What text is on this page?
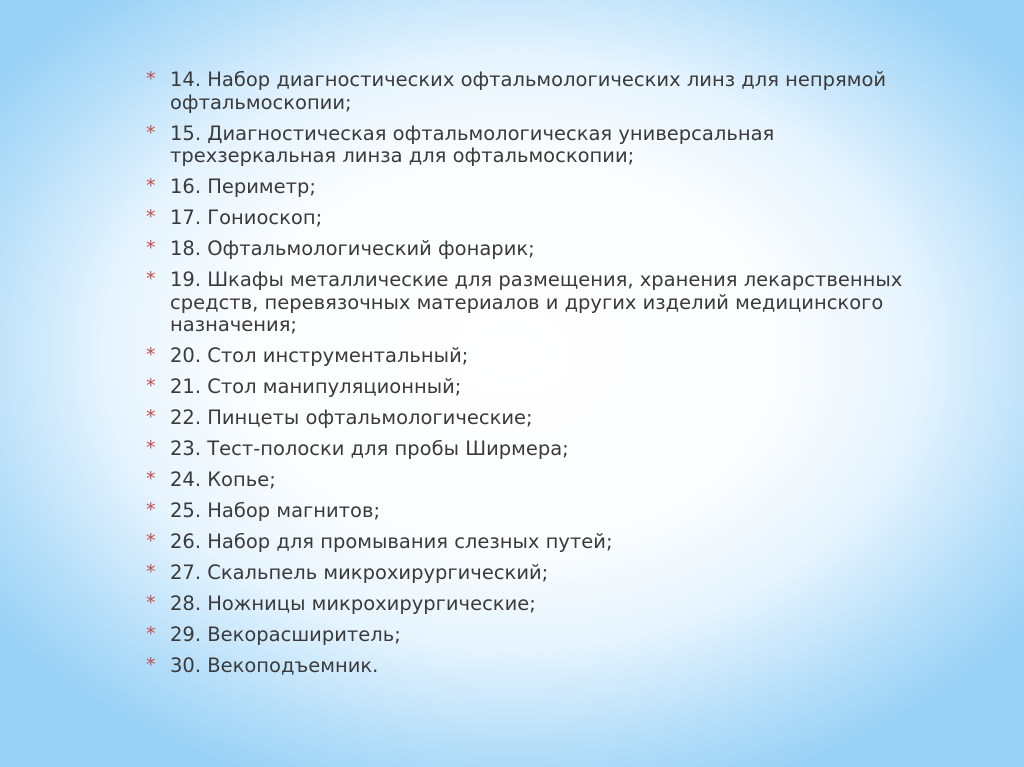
* 14. Набор диагностических офтальмологических линз для непрямой офтальмоскопии;
* 15. Диагностическая офтальмологическая универсальная трехзеркальная линза для офтальмоскопии;
* 16. Периметр;
* 17. Гониоскоп;
* 18. Офтальмологический фонарик;
* 19. Шкафы металлические для размещения, хранения лекарственных средств, перевязочных материалов и других изделий медицинского назначения;
* 20. Стол инструментальный;
* 21. Стол манипуляционный;
* 22. Пинцеты офтальмологические;
* 23. Тест-полоски для пробы Ширмера;
* 24. Копье;
* 25. Набор магнитов;
* 26. Набор для промывания слезных путей;
* 27. Скальпель микрохирургический;
* 28. Ножницы микрохирургические;
* 29. Векорасширитель;
* 30. Векоподъемник.
